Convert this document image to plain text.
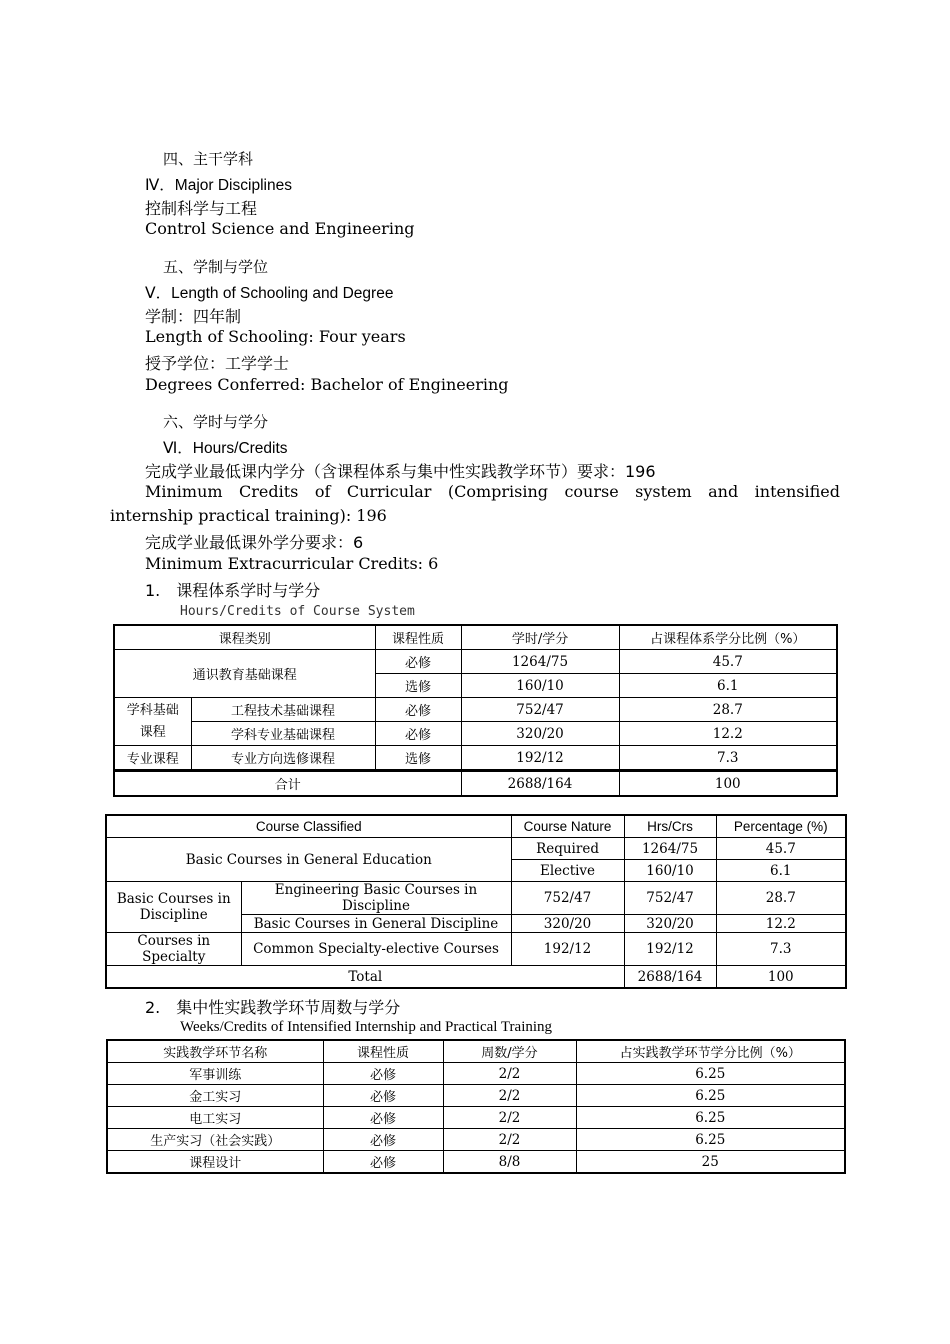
四、主干学科
Ⅳ．Major Disciplines
控制科学与工程
Control Science and Engineering
五、学制与学位
Ⅴ．Length of Schooling and Degree
学制：四年制
Length of Schooling: Four years
授予学位：工学学士
Degrees Conferred: Bachelor of Engineering
六、学时与学分
Ⅵ．Hours/Credits
完成学业最低课内学分（含课程体系与集中性实践教学环节）要求：196
Minimum Credits of Curricular (Comprising course system and intensified
internship practical training): 196
完成学业最低课外学分要求：6
Minimum Extracurricular Credits: 6
1.　课程体系学时与学分
Hours/Credits of Course System
课程类别		课程性质	学时/学分	占课程体系学分比例（%）
通识教育基础课程		必修	1264/75	45.7
		选修	160/10	6.1
学科基础课程	工程技术基础课程	必修	752/47	28.7
	学科专业基础课程	必修	320/20	12.2
专业课程	专业方向选修课程	选修	192/12	7.3
合计	2688/164	100
Course Classified		Course Nature	Hrs/Crs	Percentage (%)
Basic Courses in General Education		Required	1264/75	45.7
		Elective	160/10	6.1
Basic Courses in Discipline	Engineering Basic Courses in Discipline	752/47	752/47	28.7
	Basic Courses in General Discipline	320/20	320/20	12.2
Courses in Specialty	Common Specialty-elective Courses	192/12	192/12	7.3
Total			2688/164	100
2.　集中性实践教学环节周数与学分
Weeks/Credits of Intensified Internship and Practical Training
实践教学环节名称	课程性质	周数/学分	占实践教学环节学分比例（%）
军事训练	必修	2/2	6.25
金工实习	必修	2/2	6.25
电工实习	必修	2/2	6.25
生产实习（社会实践）	必修	2/2	6.25
课程设计	必修	8/8	25
